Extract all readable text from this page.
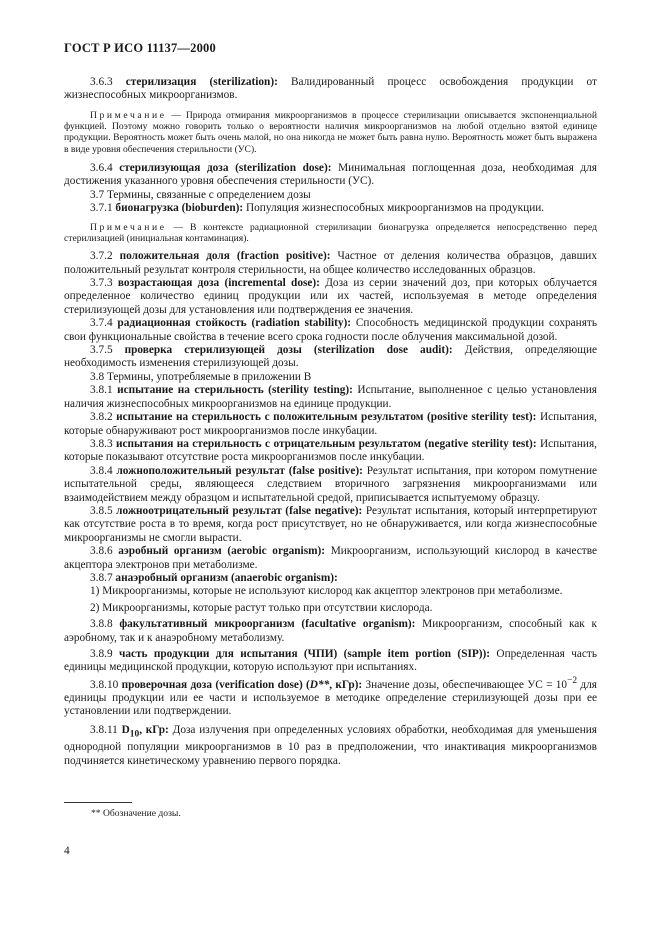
ГОСТ Р ИСО 11137—2000

3.6.3 стерилизация (sterilization): Валидированный процесс освобождения продукции от жизнеспособных микроорганизмов.

Примечание — Природа отмирания микроорганизмов в процессе стерилизации описывается экспоненциальной функцией. Поэтому можно говорить только о вероятности наличия микроорганизмов на любой отдельно взятой единице продукции. Вероятность может быть очень малой, но она никогда не может быть равна нулю. Вероятность может быть выражена в виде уровня обеспечения стерильности (УС).

3.6.4 стерилизующая доза (sterilization dose): Минимальная поглощенная доза, необходимая для достижения указанного уровня обеспечения стерильности (УС).

3.7 Термины, связанные с определением дозы

3.7.1 бионагрузка (bioburden): Популяция жизнеспособных микроорганизмов на продукции.

Примечание — В контексте радиационной стерилизации бионагрузка определяется непосредственно перед стерилизацией (инициальная контаминация).

3.7.2 положительная доля (fraction positive): Частное от деления количества образцов, давших положительный результат контроля стерильности, на общее количество исследованных образцов.

3.7.3 возрастающая доза (incremental dose): Доза из серии значений доз, при которых облучается определенное количество единиц продукции или их частей, используемая в методе определения стерилизующей дозы для установления или подтверждения ее значения.

3.7.4 радиационная стойкость (radiation stability): Способность медицинской продукции сохранять свои функциональные свойства в течение всего срока годности после облучения максимальной дозой.

3.7.5 проверка стерилизующей дозы (sterilization dose audit): Действия, определяющие необходимость изменения стерилизующей дозы.

3.8 Термины, употребляемые в приложении В

3.8.1 испытание на стерильность (sterility testing): Испытание, выполненное с целью установления наличия жизнеспособных микроорганизмов на единице продукции.

3.8.2 испытание на стерильность с положительным результатом (positive sterility test): Испытания, которые обнаруживают рост микроорганизмов после инкубации.

3.8.3 испытания на стерильность с отрицательным результатом (negative sterility test): Испытания, которые показывают отсутствие роста микроорганизмов после инкубации.

3.8.4 ложноположительный результат (false positive): Результат испытания, при котором помутнение испытательной среды, являющееся следствием вторичного загрязнения микроорганизмами или взаимодействием между образцом и испытательной средой, приписывается испытуемому образцу.

3.8.5 ложноотрицательный результат (false negative): Результат испытания, который интерпретируют как отсутствие роста в то время, когда рост присутствует, но не обнаруживается, или когда жизнеспособные микроорганизмы не смогли вырасти.

3.8.6 аэробный организм (aerobic organism): Микроорганизм, использующий кислород в качестве акцептора электронов при метаболизме.

3.8.7 анаэробный организм (anaerobic organism):

1) Микроорганизмы, которые не используют кислород как акцептор электронов при метаболизме.

2) Микроорганизмы, которые растут только при отсутствии кислорода.

3.8.8 факультативный микроорганизм (facultative organism): Микроорганизм, способный как к аэробному, так и к анаэробному метаболизму.

3.8.9 часть продукции для испытания (ЧПИ) (sample item portion (SIP)): Определенная часть единицы медицинской продукции, которую используют при испытаниях.

3.8.10 проверочная доза (verification dose) (D**, кГр): Значение дозы, обеспечивающее УС = $10^{-2}$ для единицы продукции или ее части и используемое в методике определение стерилизующей дозы при ее установлении или подтверждении.

3.8.11 $D_{10}$, кГр: Доза излучения при определенных условиях обработки, необходимая для уменьшения однородной популяции микроорганизмов в 10 раз в предположении, что инактивация микроорганизмов подчиняется кинетическому уравнению первого порядка.

** Обозначение дозы.
4
